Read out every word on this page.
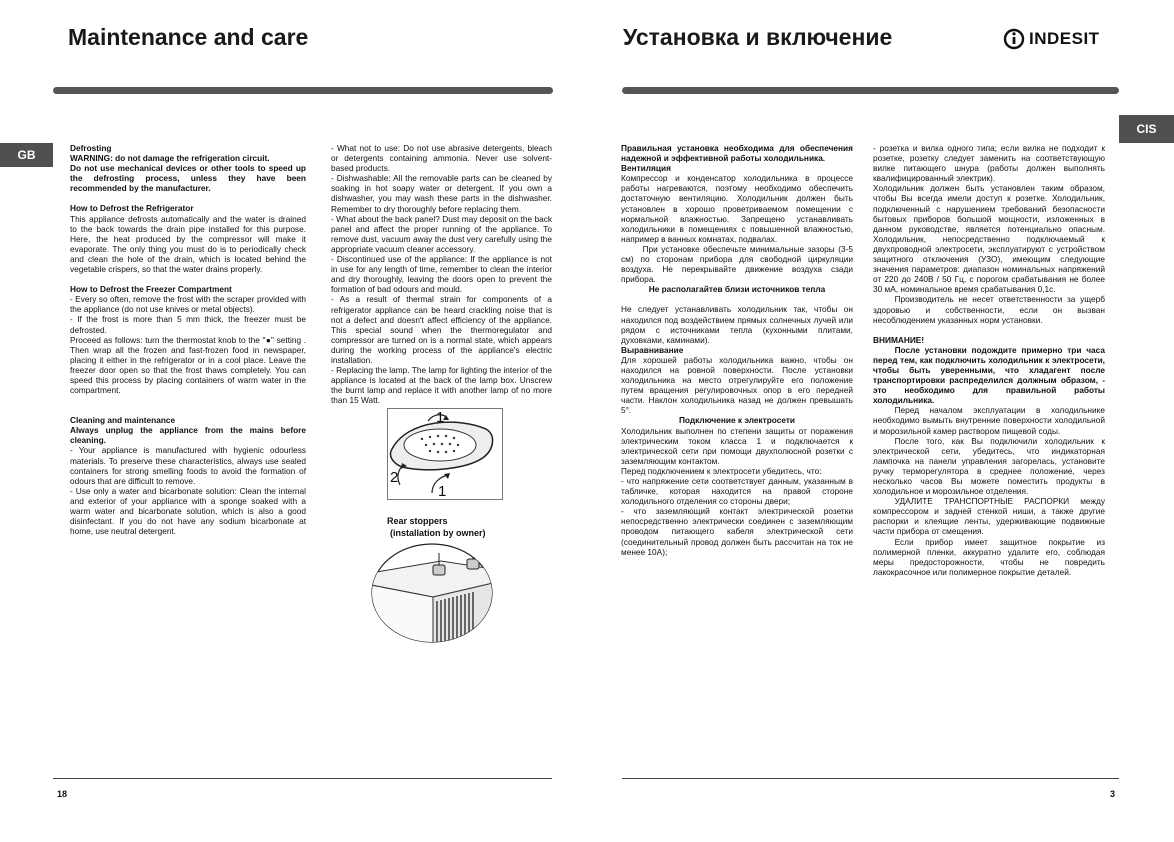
Maintenance and care
GB	Defrosting

WARNING: do not damage the refrigeration circuit.

Do not use mechanical devices or other tools to speed up the defrosting process, unless they have been recommended by the manufacturer.

How to Defrost the Refrigerator

This appliance defrosts automatically and the water is drained to the back towards the drain pipe installed for this purpose. Here, the heat produced by the compressor will make it evaporate. The only thing you must do is to periodically check and clean the hole of the drain, which is located behind the vegetable crispers, so that the water drains properly.

How to Defrost the Freezer Compartment

- Every so often, remove the frost with the scraper provided with the appliance (do not use knives or metal objects).

- If the frost is more than 5 mm thick, the freezer must be defrosted.

Proceed as follows: turn the thermostat knob to the "●" setting . Then wrap all the frozen and fast-frozen food in newspaper, placing it either in the refrigerator or in a cool place. Leave the freezer door open so that the frost thaws completely. You can speed this process by placing containers of warm water in the compartment.

Cleaning and maintenance

Always unplug the appliance from the mains before cleaning.

- Your appliance is manufactured with hygienic odourless materials. To preserve these characteristics, always use sealed containers for strong smelling foods to avoid the formation of odours that are difficult to remove.

- Use only a water and bicarbonate solution: Clean the internal and exterior of your appliance with a sponge soaked with a warm water and bicarbonate solution, which is also a good disinfectant. If you do not have any sodium bicarbonate at home, use neutral detergent.

- What not to use: Do not use abrasive detergents, bleach or detergents containing ammonia. Never use solvent-based products.

- Dishwashable: All the removable parts can be cleaned by soaking in hot soapy water or detergent. If you own a dishwasher, you may wash these parts in the dishwasher. Remember to dry thoroughly before replacing them.

- What about the back panel? Dust may deposit on the back panel and affect the proper running of the appliance. To remove dust, vacuum away the dust very carefully using the appropriate vacuum cleaner accessory.

- Discontinued use of the appliance: If the appliance is not in use for any length of time, remember to clean the interior and dry thoroughly, leaving the doors open to prevent the formation of bad odours and mould.

- As a result of thermal strain for components of a refrigerator appliance can be heard crackling noise that is not a defect and doesn't affect efficiency of the appliance. This special sound when the thermoregulator and compressor are turned on is a normal state, which appears during the working process of the appliance's electric installation.

- Replacing the lamp. The lamp for lighting the interior of the appliance is located at the back of the lamp box. Unscrew the burnt lamp and replace it with another lamp of no more than 15 Watt.

1
2
1
Rear stoppers
(installation by owner)
18
Установка и включение	INDESIT
CIS

Правильная установка необходима для обеспечения надежной и эффективной работы холодильника.

Вентиляция

Компрессор и конденсатор холодильника в процессе работы нагреваются, поэтому необходимо обеспечить достаточную вентиляцию. Холодильник должен быть установлен в хорошо проветриваемом помещении с нормальной влажностью. Запрещено устанавливать холодильники в помещениях с повышенной влажностью, например в ванных комнатах, подвалах.

При установке обеспечьте минимальные зазоры (3-5 см) по сторонам прибора для свободной циркуляции воздуха. Не перекрывайте движение воздуха сзади прибора.

Не располагайтев близи источников тепла

Не следует устанавливать холодильник так, чтобы он находился под воздействием прямых солнечных лучей или рядом с источниками тепла (кухонными плитами, духовками, каминами).

Выравнивание

Для хорошей работы холодильника важно, чтобы он находился на ровной поверхности. После установки холодильника на место отрегулируйте его положение путем вращения регулировочных опор в его передней части. Наклон холодильника назад не должен превышать 5°.

Подключение к электросети

Холодильник выполнен по степени защиты от поражения электрическим током класса 1 и подключается к электрической сети при помощи двухполюсной розетки с заземляющим контактом.

Перед подключением к электросети убедитесь, что:

- что напряжение сети соответствует данным, указанным в табличке, которая находится на правой стороне холодильного отделения со стороны двери;

- что заземляющий контакт электрической розетки непосредственно электрически соединен с заземляющим проводом питающего кабеля электрической сети (соединительный провод должен быть рассчитан на ток не менее 10А);

- розетка и вилка одного типа; если вилка не подходит к розетке, розетку следует заменить на соответствующую вилке питающего шнура (работы должен выполнять квалифицированный электрик).

Холодильник должен быть установлен таким образом, чтобы Вы всегда имели доступ к розетке. Холодильник, подключенный с нарушением требований безопасности бытовых приборов большой мощности, изложенных в данном руководстве, является потенциально опасным. Холодильник, непосредственно подключаемый к двухпроводной электросети, эксплуатируют с устройством защитного отключения (УЗО), имеющим следующие значения параметров: диапазон номинальных напряжений от 220 до 240В / 50 Гц, с порогом срабатывания не более 30 мА, номинальное время срабатывания 0,1с.

Производитель не несет ответственности за ущерб здоровью и собственности, если он вызван несоблюдением указанных норм установки.

ВНИМАНИЕ!

После установки подождите примерно три часа перед тем, как подключить холодильник к электросети, чтобы быть уверенными, что хладагент после транспортировки распределился должным образом, - это необходимо для правильной работы холодильника.

Перед началом эксплуатации в холодильнике необходимо вымыть внутренние поверхности холодильной и морозильной камер раствором пищевой соды.

После того, как Вы подключили холодильник к электрической сети, убедитесь, что индикаторная лампочка на панели управления загорелась, установите ручку терморегулятора в среднее положение, через несколько часов Вы можете поместить продукты в холодильное и морозильное отделения.

УДАЛИТЕ ТРАНСПОРТНЫЕ РАСПОРКИ между компрессором и задней стенкой ниши, а также другие распорки и клеящие ленты, удерживающие подвижные части прибора от смещения.

Если прибор имеет защитное покрытие из полимерной пленки, аккуратно удалите его, соблюдая меры предосторожности, чтобы не повредить лакокрасочное или полимерное покрытие деталей.

3
